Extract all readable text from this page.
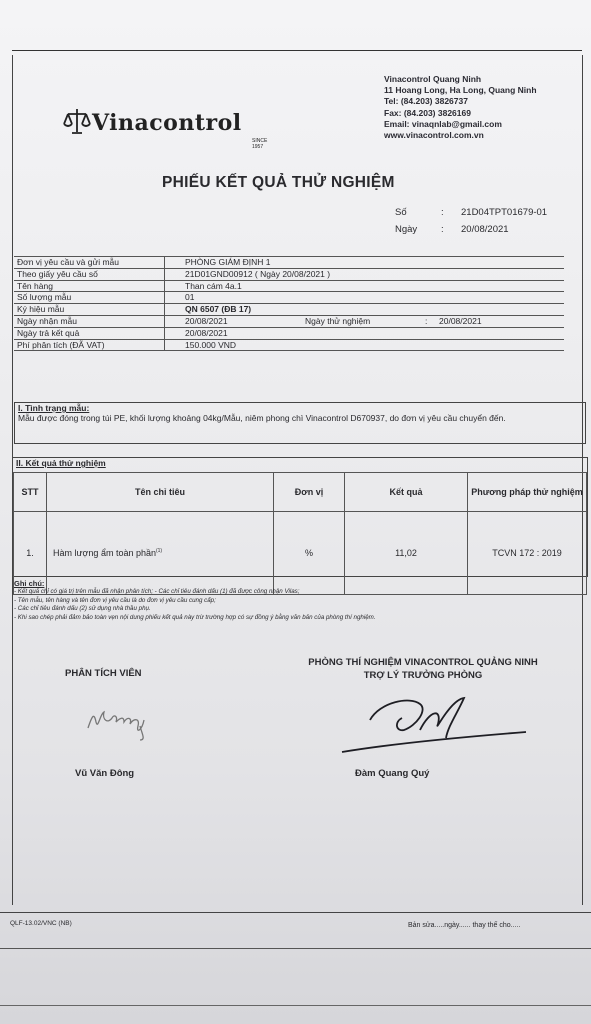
Vinacontrol
SINCE 1957
Vinacontrol Quang Ninh
11 Hoang Long, Ha Long, Quang Ninh
Tel: (84.203) 3826737
Fax: (84.203) 3826169
Email: vinaqnlab@gmail.com
www.vinacontrol.com.vn
PHIẾU KẾT QUẢ THỬ NGHIỆM
Số	:	21D04TPT01679-01
Ngày	:	20/08/2021
Đơn vị yêu cầu và gửi mẫu	PHÒNG GIÁM ĐỊNH 1
Theo giấy yêu cầu số	21D01GND00912 ( Ngày 20/08/2021 )
Tên hàng	Than cám 4a.1
Số lượng mẫu	01
Ký hiệu mẫu	QN 6507 (ĐB 17)
Ngày nhận mẫu	20/08/2021	Ngày thử nghiệm	:	20/08/2021
Ngày trả kết quả	20/08/2021
Phí phân tích (ĐÃ VAT)	150.000 VND
I. Tình trạng mẫu:
Mẫu được đóng trong túi PE, khối lượng khoảng 04kg/Mẫu, niêm phong chì Vinacontrol D670937, do đơn vị yêu cầu chuyển đến.
II. Kết quả thử nghiệm
STT	Tên chỉ tiêu	Đơn vị	Kết quả	Phương pháp thử nghiệm
1.	Hàm lượng ẩm toàn phần$^{(1)}$	%	11,02	TCVN 172 : 2019
Ghi chú:
- Kết quả chỉ có giá trị trên mẫu đã nhận phân tích; - Các chỉ tiêu đánh dấu (1) đã được công nhận Vilas;
- Tên mẫu, tên hàng và tên đơn vị yêu cầu là do đơn vị yêu cầu cung cấp;
- Các chỉ tiêu đánh dấu (2) sử dụng nhà thầu phụ.
- Khi sao chép phải đảm bảo toàn vẹn nội dung phiếu kết quả này trừ trường hợp có sự đồng ý bằng văn bản của phòng thí nghiệm.
PHÂN TÍCH VIÊN
PHÒNG THÍ NGHIỆM VINACONTROL QUẢNG NINH
TRỢ LÝ TRƯỞNG PHÒNG
Vũ Văn Đông	Đàm Quang Quý
QLF-13.02/VNC (NB)	Bản sửa.....ngày...... thay thế cho.....
